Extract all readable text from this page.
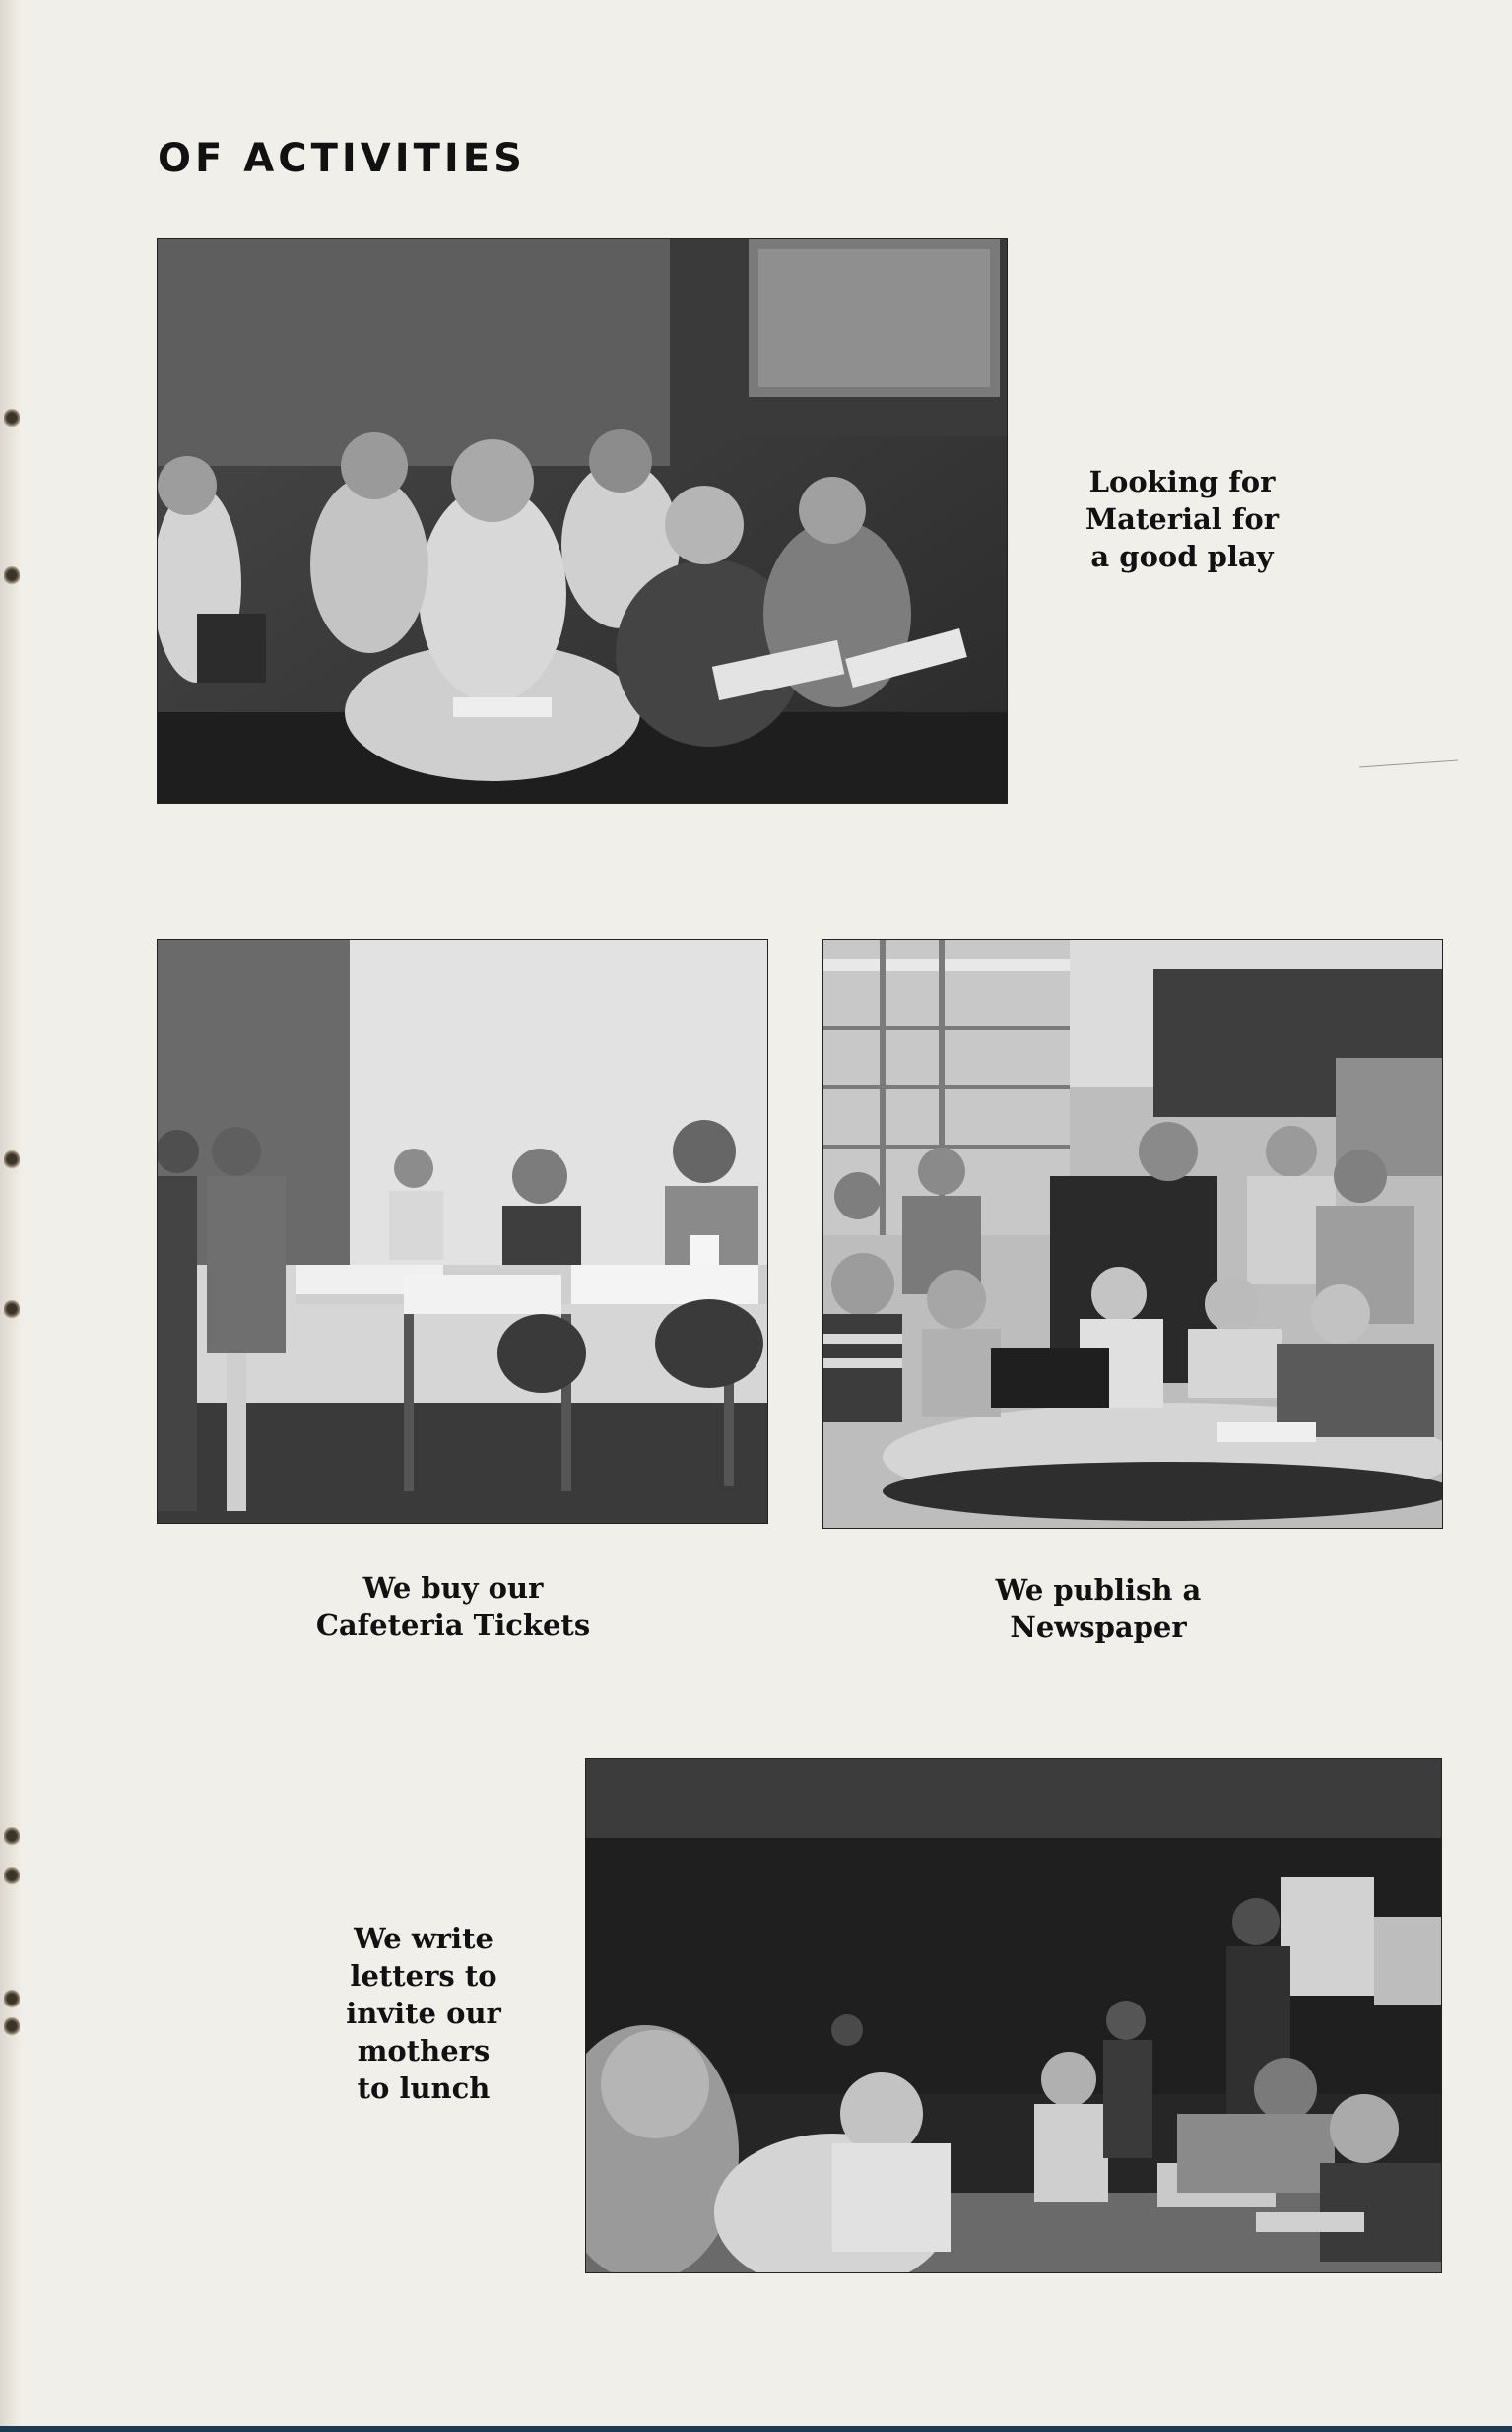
OF ACTIVITIES

Looking for
Material for
a good play

We buy our
Cafeteria Tickets

We publish a
Newspaper

We write
letters to
invite our
mothers
to lunch
